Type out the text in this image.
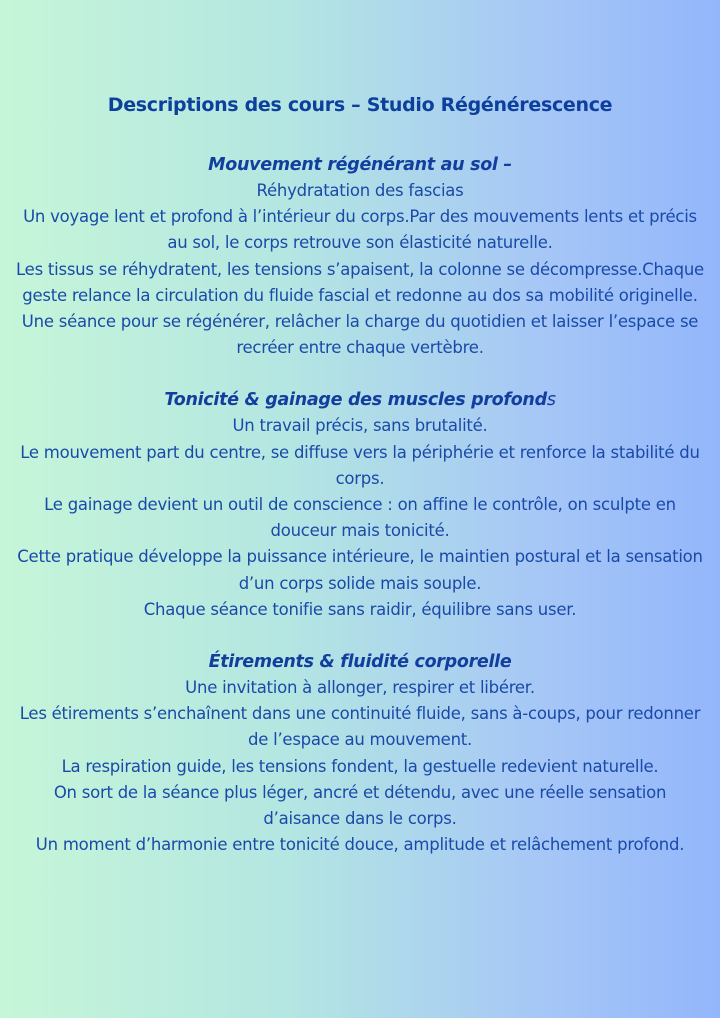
Descriptions des cours – Studio Régénérescence

Mouvement régénérant au sol –

Réhydratation des fascias

Un voyage lent et profond à l’intérieur du corps.Par des mouvements lents et précis au sol, le corps retrouve son élasticité naturelle.

Les tissus se réhydratent, les tensions s’apaisent, la colonne se décompresse.Chaque geste relance la circulation du fluide fascial et redonne au dos sa mobilité originelle.

Une séance pour se régénérer, relâcher la charge du quotidien et laisser l’espace se recréer entre chaque vertèbre.

Tonicité & gainage des muscles profonds

Un travail précis, sans brutalité.

Le mouvement part du centre, se diffuse vers la périphérie et renforce la stabilité du corps.

Le gainage devient un outil de conscience : on affine le contrôle, on sculpte en douceur mais tonicité.

Cette pratique développe la puissance intérieure, le maintien postural et la sensation d’un corps solide mais souple.

Chaque séance tonifie sans raidir, équilibre sans user.

Étirements & fluidité corporelle

Une invitation à allonger, respirer et libérer.

Les étirements s’enchaînent dans une continuité fluide, sans à-coups, pour redonner de l’espace au mouvement.

La respiration guide, les tensions fondent, la gestuelle redevient naturelle.

On sort de la séance plus léger, ancré et détendu, avec une réelle sensation d’aisance dans le corps.

Un moment d’harmonie entre tonicité douce, amplitude et relâchement profond.
